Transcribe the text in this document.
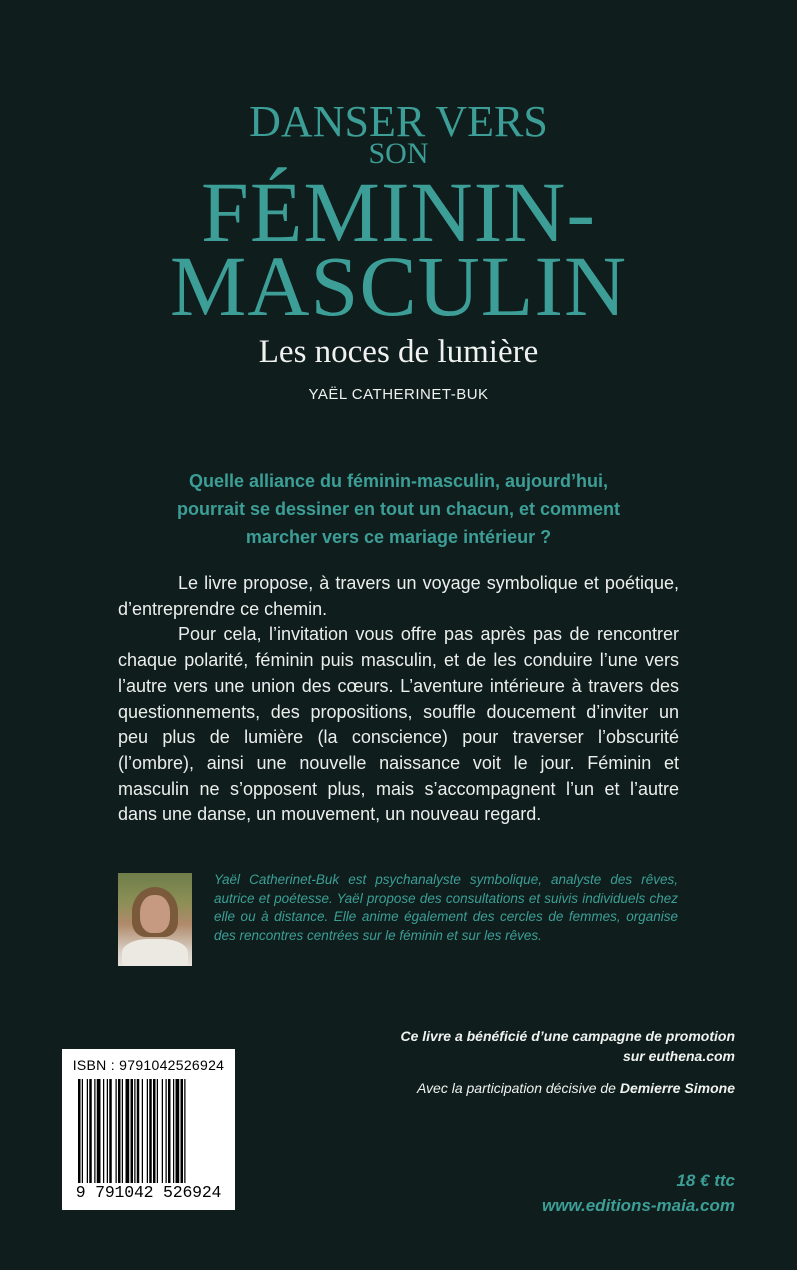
DANSER VERS
SON
FÉMININ-
MASCULIN
Les noces de lumière
YAËL CATHERINET-BUK
Quelle alliance du féminin-masculin, aujourd’hui,
pourrait se dessiner en tout un chacun, et comment
marcher vers ce mariage intérieur ?

Le livre propose, à travers un voyage symbolique et poétique, d’entreprendre ce chemin.

Pour cela, l’invitation vous offre pas après pas de rencontrer chaque polarité, féminin puis masculin, et de les conduire l’une vers l’autre vers une union des cœurs. L’aventure intérieure à travers des questionnements, des propositions, souffle doucement d’inviter un peu plus de lumière (la conscience) pour traverser l’obscurité (l’ombre), ainsi une nouvelle naissance voit le jour. Féminin et masculin ne s’opposent plus, mais s’accompagnent l’un et l’autre dans une danse, un mouvement, un nouveau regard.

Yaël Catherinet-Buk est psychanalyste symbolique, analyste des rêves, autrice et poétesse. Yaël propose des consultations et suivis individuels chez elle ou à distance. Elle anime également des cercles de femmes, organise des rencontres centrées sur le féminin et sur les rêves.
Ce livre a bénéficié d’une campagne de promotion
sur euthena.com
Avec la participation décisive de Demierre Simone
ISBN : 9791042526924
9 791042 526924
18 € ttc
www.editions-maia.com
